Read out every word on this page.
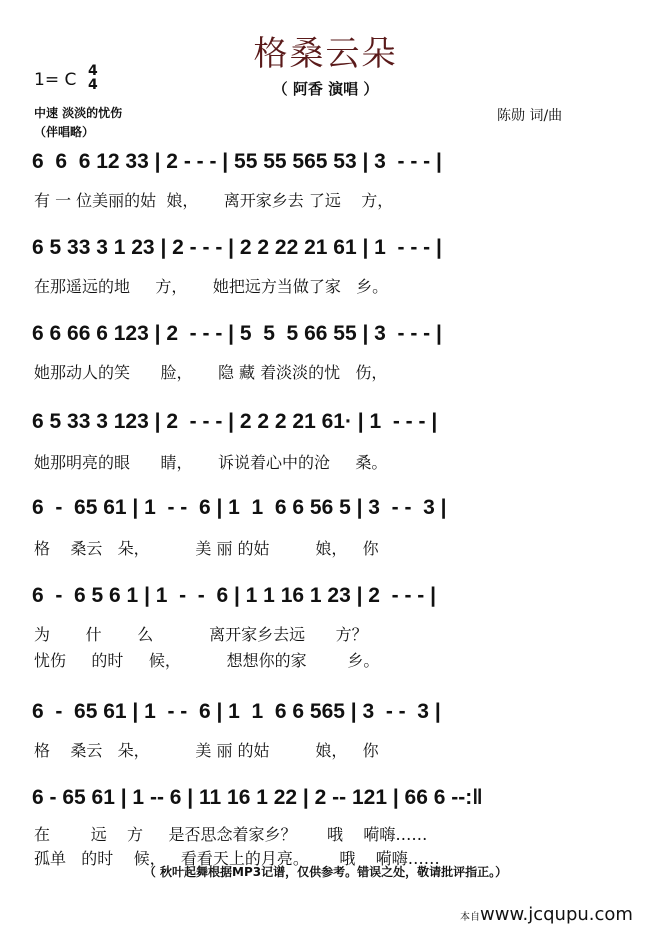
格桑云朵
（ 阿香 演唱 ）
1= C 4
4
中速 淡淡的忧伤
（伴唱略）
陈勋 词/曲
6  6  6 12 33 | 2 - - - | 55 55 565 53 | 3  - - - |
有 一 位美丽的姑  娘，     离开家乡去 了远    方，
6 5 33 3 1 23 | 2 - - - | 2 2 22 21 61 | 1  - - - |
在那遥远的地     方，     她把远方当做了家   乡。
6 6 66 6 123 | 2  - - - | 5  5  5 66 55 | 3  - - - |
她那动人的笑      脸，     隐 藏 着淡淡的忧   伤，
6 5 33 3 123 | 2  - - - | 2 2 2 21 61· | 1  - - - |
她那明亮的眼      睛，     诉说着心中的沧     桑。
6  -  65 61 | 1  - -  6 | 1  1  6 6 56 5 | 3  - -  3 |
格    桑云   朵，         美 丽 的姑         娘，   你
6  -  6 5 6 1 | 1  -  -  6 | 1 1 16 1 23 | 2  - - - |
为       什       么           离开家乡去远      方？
忧伤     的时     候，         想想你的家        乡。
6  -  65 61 | 1  - -  6 | 1  1  6 6 565 | 3  - -  3 |
格    桑云   朵，         美 丽 的姑         娘，   你
6 - 65 61 | 1 -- 6 | 11 16 1 22 | 2 -- 121 | 66 6 --:‖
在        远    方     是否思念着家乡？      哦    嗬嗨……
孤单   的时    候，   看看天上的月亮。      哦    嗬嗨……
（ 秋叶起舞根据MP3记谱，仅供参考。错误之处，敬请批评指正。）
本自www.jcqupu.com
